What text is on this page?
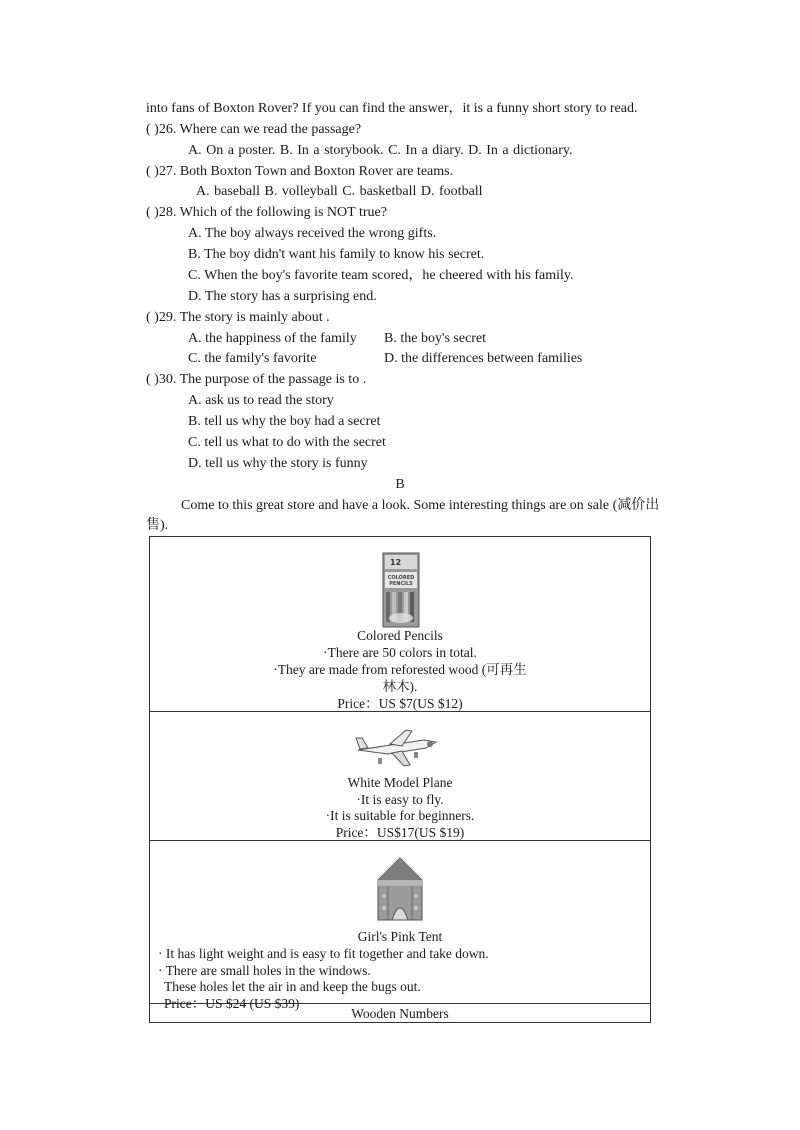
into fans of Boxton Rover? If you can find the answer，it is a funny short story to read.
( )26. Where can we read the passage?
A. On a poster. B. In a storybook. C. In a diary. D. In a dictionary.
( )27. Both Boxton Town and Boxton Rover are teams.
A. baseball B. volleyball C. basketball D. football
( )28. Which of the following is NOT true?
A. The boy always received the wrong gifts.
B. The boy didn't want his family to know his secret.
C. When the boy's favorite team scored，he cheered with his family.
D. The story has a surprising end.
( )29. The story is mainly about .
A. the happiness of the family B. the boy's secret
C. the family's favorite	D. the differences between families
( )30. The purpose of the passage is to .
A. ask us to read the story
B. tell us why the boy had a secret
C. tell us what to do with the secret
D. tell us why the story is funny
B
Come to this great store and have a look. Some interesting things are on sale (减价出
售).
12
COLORED
PENCILS
Colored Pencils
·There are 50 colors in total.
·They are made from reforested wood (可再生
林木).
Price：US $7(US $12)
White Model Plane
·It is easy to fly.
·It is suitable for beginners.
Price：US$17(US $19)
Girl's Pink Tent
· It has light weight and is easy to fit together and take down.
· There are small holes in the windows.
These holes let the air in and keep the bugs out.
Price：US $24 (US $39)
Wooden Numbers
